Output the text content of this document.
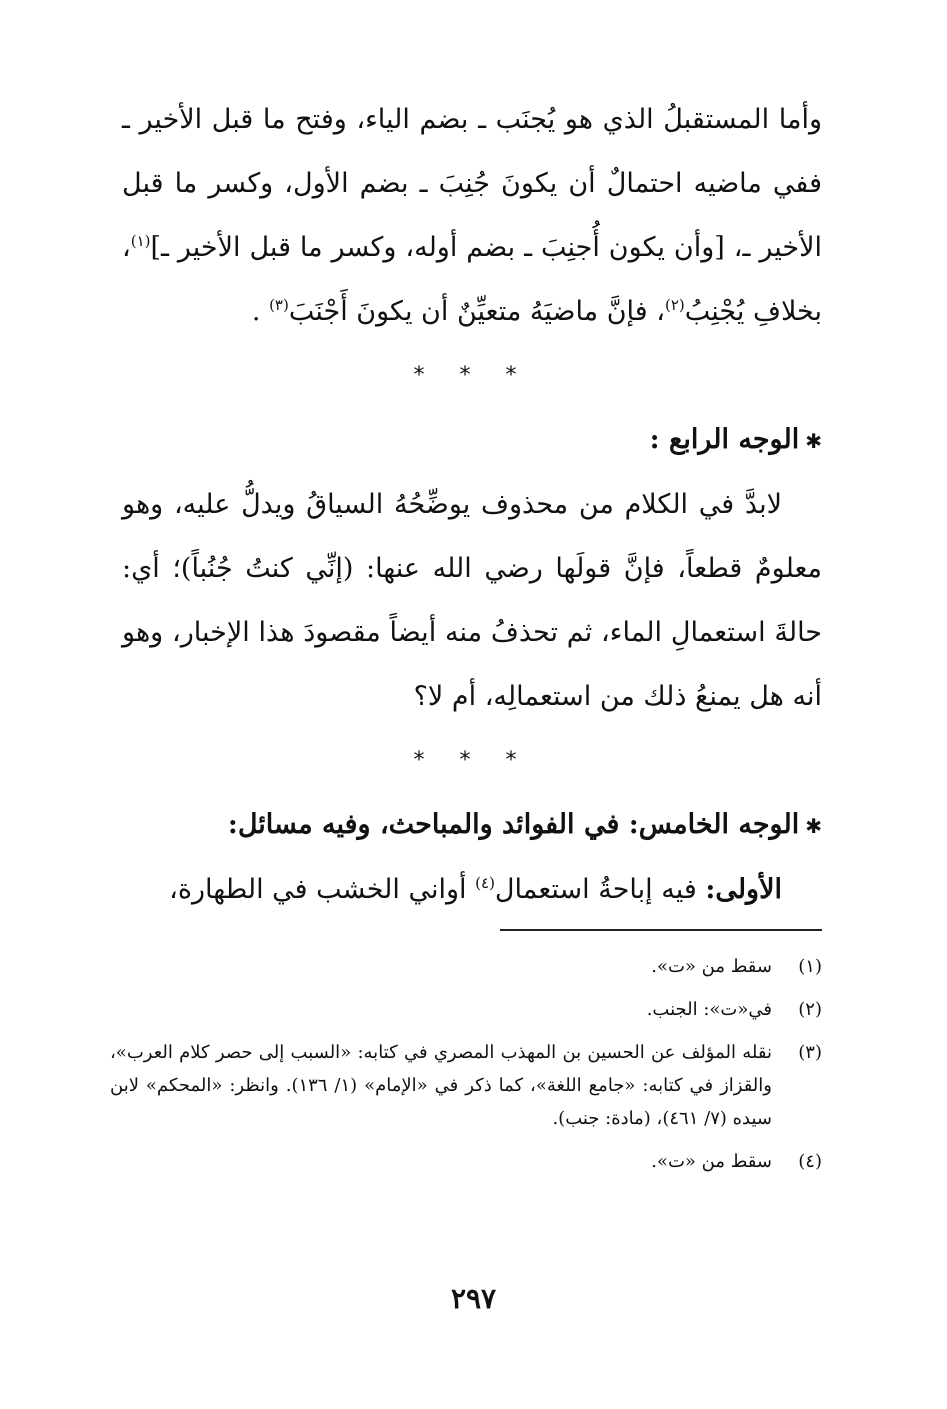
وأما المستقبلُ الذي هو يُجنَب ـ بضم الياء، وفتح ما قبل الأخير ـ ففي ماضيه احتمالٌ أن يكونَ جُنِبَ ـ بضم الأول، وكسر ما قبل الأخير ـ، [وأن يكون أُجنِبَ ـ بضم أوله، وكسر ما قبل الأخير ـ]$^{(١)}$، بخلافِ يُجْنِبُ$^{(٢)}$، فإنَّ ماضيَهُ متعيِّنٌ أن يكونَ أَجْنَبَ$^{(٣)}$ .

* * *

✱الوجه الرابع :

لابدَّ في الكلام من محذوف يوضِّحُهُ السياقُ ويدلُّ عليه، وهو معلومٌ قطعاً، فإنَّ قولَها رضي الله عنها: (إنِّي كنتُ جُنُباً)؛ أي: حالةَ استعمالِ الماء، ثم تحذفُ منه أيضاً مقصودَ هذا الإخبار، وهو أنه هل يمنعُ ذلك من استعمالِه، أم لا؟

* * *

✱الوجه الخامس: في الفوائد والمباحث، وفيه مسائل:

الأولى: فيه إباحةُ استعمال$^{(٤)}$ أواني الخشب في الطهارة،

(١)
سقط من «ت».
(٢)
في«ت»: الجنب.
(٣)
نقله المؤلف عن الحسين بن المهذب المصري في كتابه: «السبب إلى حصر كلام العرب»، والقزاز في كتابه: «جامع اللغة»، كما ذكر في «الإمام» (١/ ١٣٦). وانظر: «المحكم» لابن سيده (٧/ ٤٦١)، (مادة: جنب).
(٤)
سقط من «ت».
٢٩٧
